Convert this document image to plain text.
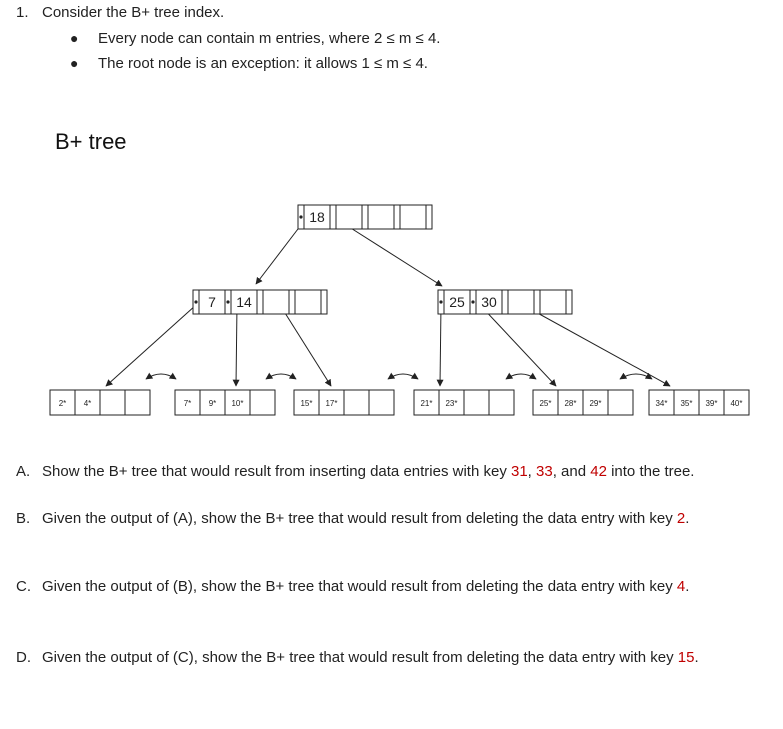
1. Consider the B+ tree index.
● Every node can contain m entries, where 2 ≤ m ≤ 4.
● The root node is an exception: it allows 1 ≤ m ≤ 4.
B+ tree
18
7 14	25 30
2* 4*	7* 9* 10*	15* 17*	21* 23*	25* 28* 29*	34* 35* 39* 40*
A. Show the B+ tree that would result from inserting data entries with key 31, 33, and 42 into the tree.
B. Given the output of (A), show the B+ tree that would result from deleting the data entry with key 2.
C. Given the output of (B), show the B+ tree that would result from deleting the data entry with key 4.
D. Given the output of (C), show the B+ tree that would result from deleting the data entry with key 15.
